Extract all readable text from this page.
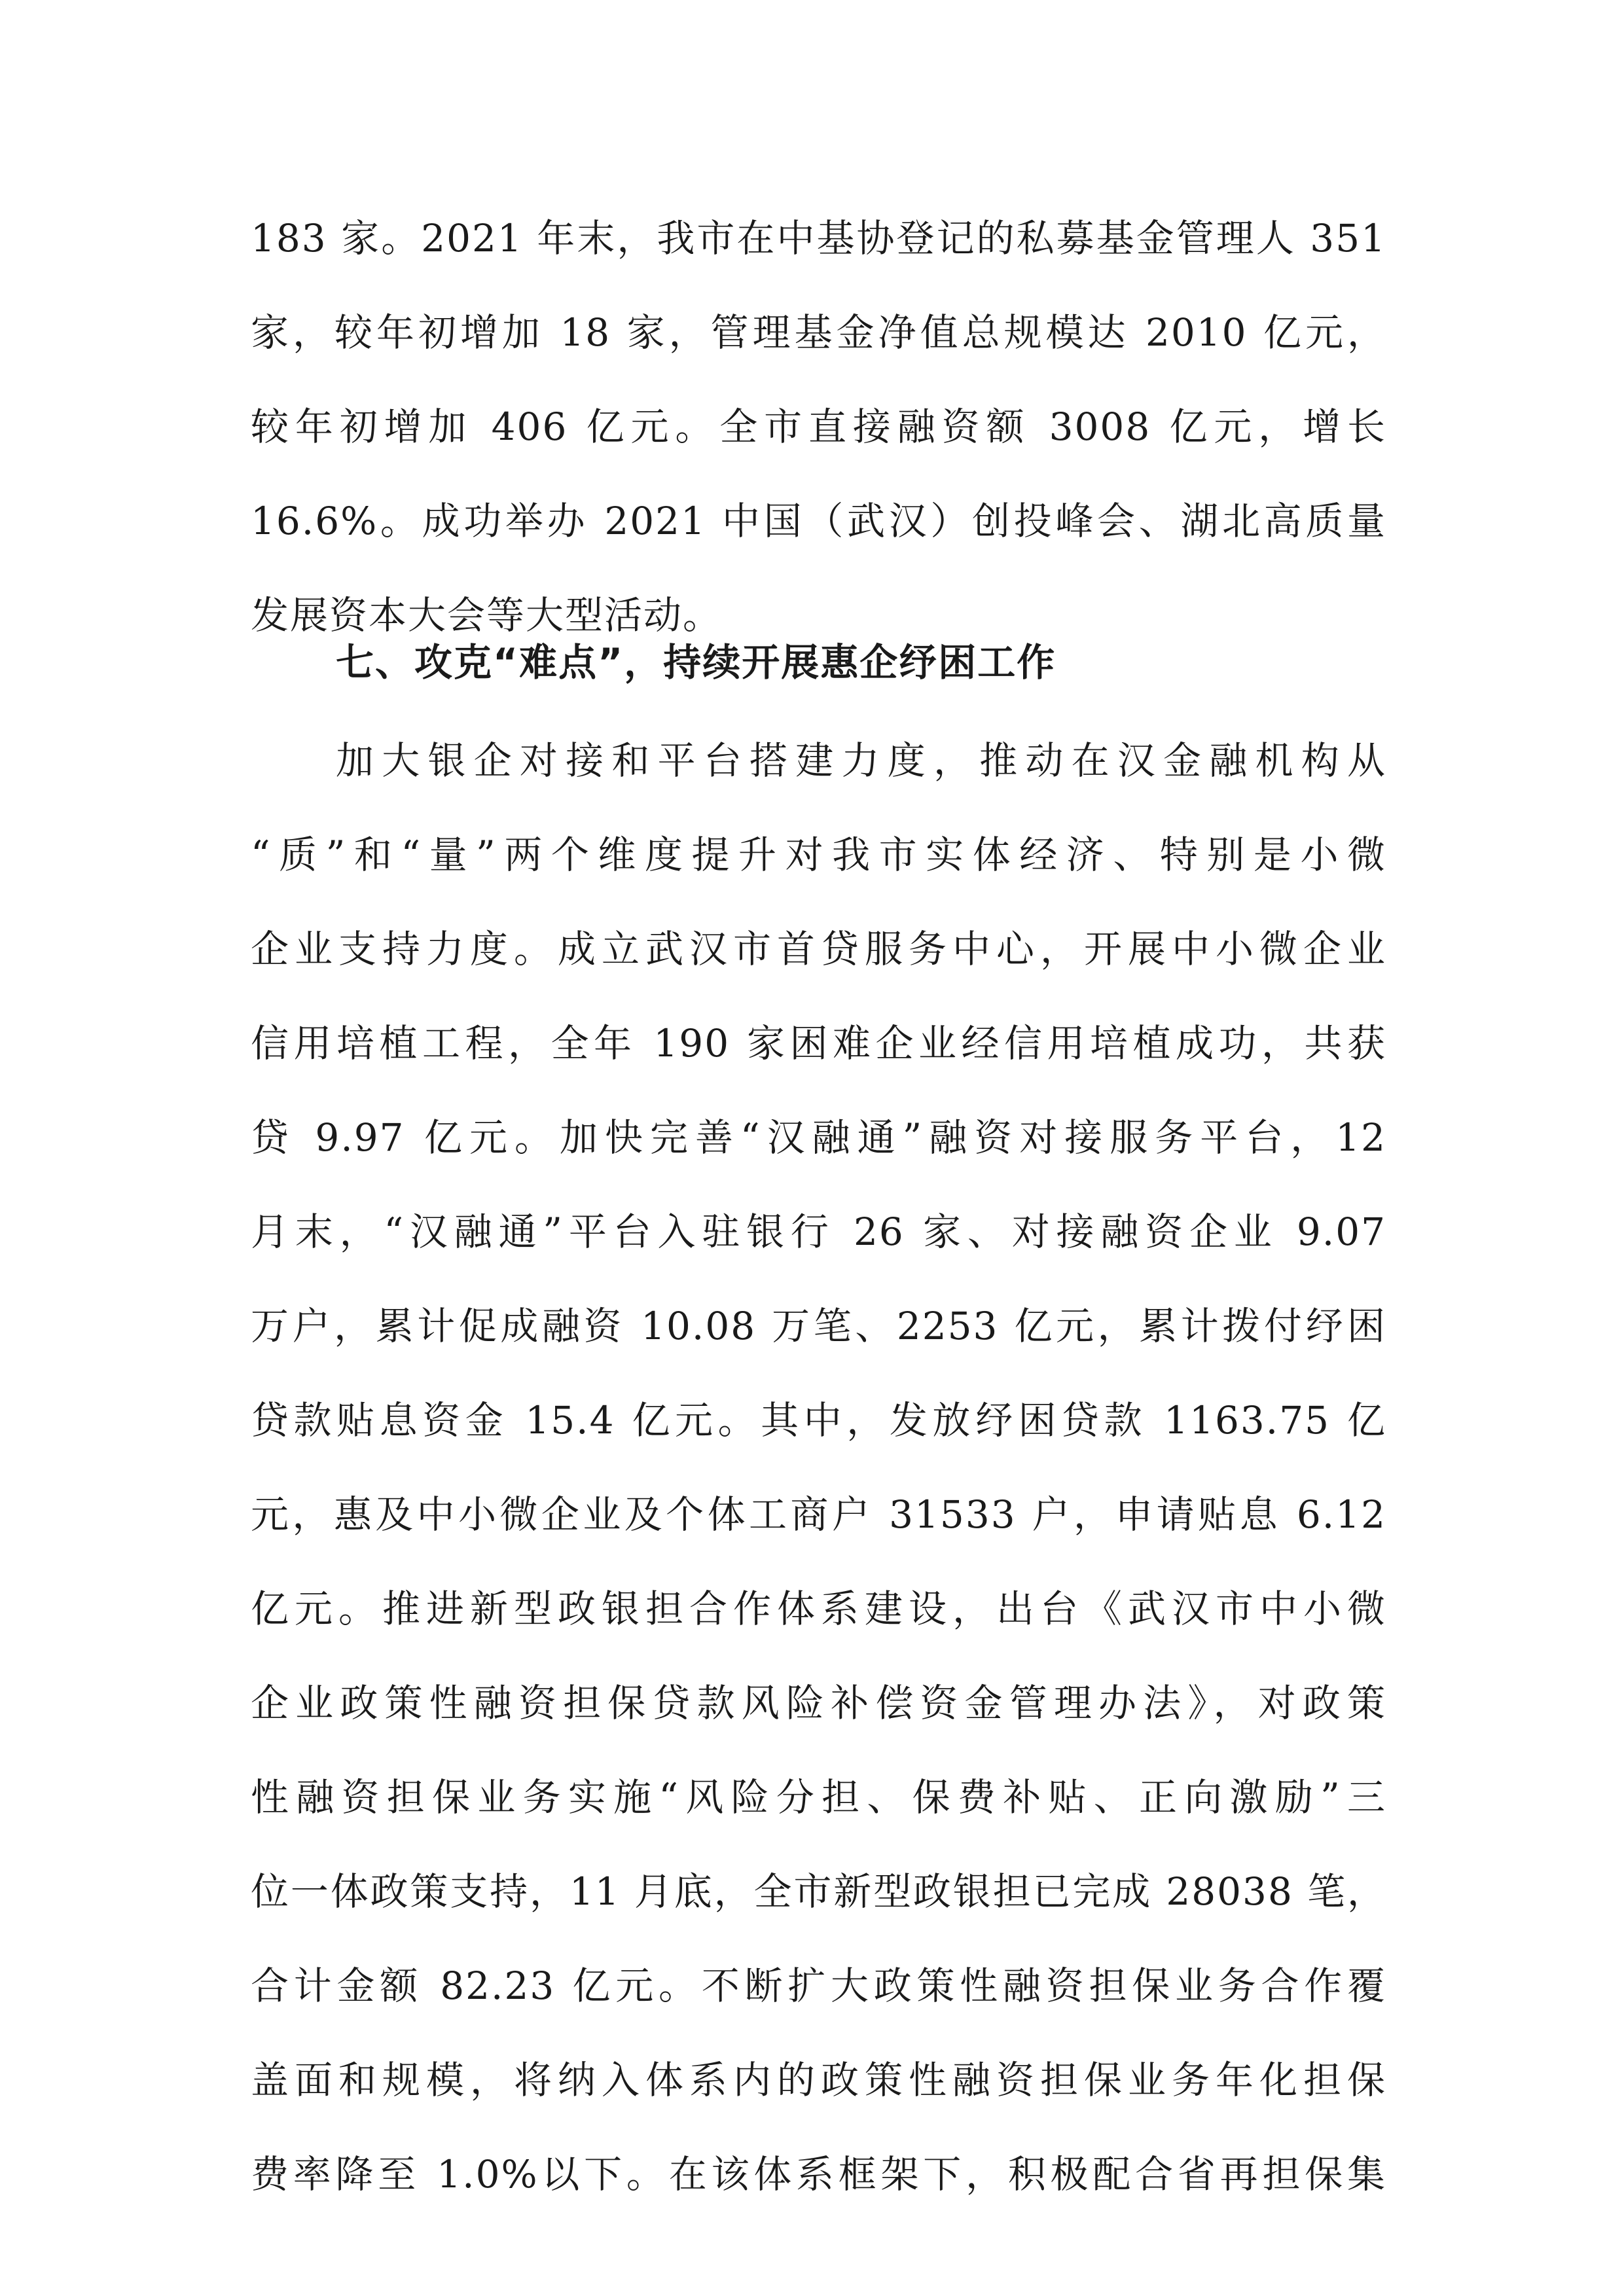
183 家。2021 年末，我市在中基协登记的私募基金管理人 351
家，较年初增加 18 家，管理基金净值总规模达 2010 亿元，
较年初增加 406 亿元。全市直接融资额 3008 亿元，增长
16.6%。成功举办 2021 中国（武汉）创投峰会、湖北高质量
发展资本大会等大型活动。
七、攻克“难点”，持续开展惠企纾困工作
加大银企对接和平台搭建力度，推动在汉金融机构从
“质”和“量”两个维度提升对我市实体经济、特别是小微
企业支持力度。成立武汉市首贷服务中心，开展中小微企业
信用培植工程，全年 190 家困难企业经信用培植成功，共获
贷 9.97 亿元。加快完善“汉融通”融资对接服务平台，12
月末，“汉融通”平台入驻银行 26 家、对接融资企业 9.07
万户，累计促成融资 10.08 万笔、2253 亿元，累计拨付纾困
贷款贴息资金 15.4 亿元。其中，发放纾困贷款 1163.75 亿
元，惠及中小微企业及个体工商户 31533 户，申请贴息 6.12
亿元。推进新型政银担合作体系建设，出台《武汉市中小微
企业政策性融资担保贷款风险补偿资金管理办法》，对政策
性融资担保业务实施“风险分担、保费补贴、正向激励”三
位一体政策支持，11 月底，全市新型政银担已完成 28038 笔，
合计金额 82.23 亿元。不断扩大政策性融资担保业务合作覆
盖面和规模，将纳入体系内的政策性融资担保业务年化担保
费率降至 1.0%以下。在该体系框架下，积极配合省再担保集
